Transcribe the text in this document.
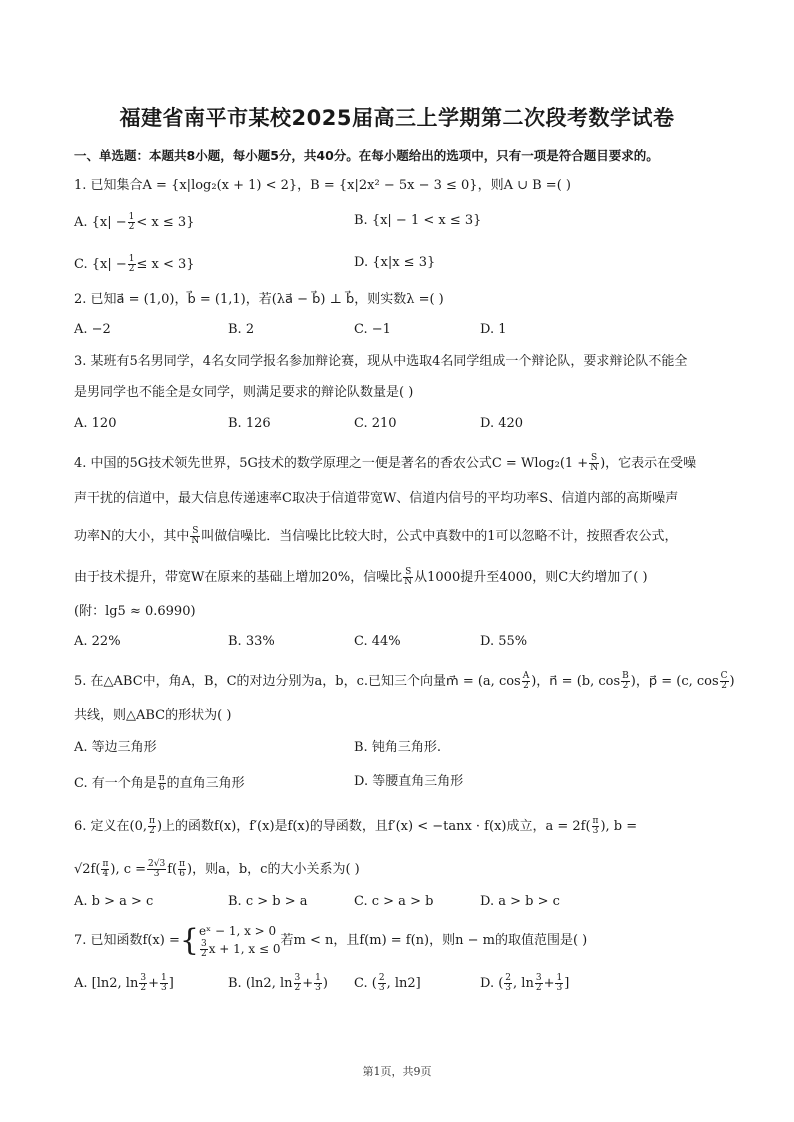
福建省南平市某校2025届高三上学期第二次段考数学试卷
一、单选题：本题共8小题，每小题5分，共40分。在每小题给出的选项中，只有一项是符合题目要求的。
1. 已知集合A = {x|log₂(x + 1) < 2}，B = {x|2x² − 5x − 3 ≤ 0}，则A ∪ B =( )
A. $\{x| - \frac{1}{2} < x \le 3\}$	B. {x| − 1 < x ≤ 3}
C. $\{x| - \frac{1}{2} \le x < 3\}$	D. {x|x ≤ 3}
2. 已知a⃗ = (1,0)，b⃗ = (1,1)，若(λa⃗ − b⃗) ⊥ b⃗，则实数λ =( )
A. −2	B. 2	C. −1	D. 1
3. 某班有5名男同学，4名女同学报名参加辩论赛，现从中选取4名同学组成一个辩论队，要求辩论队不能全
是男同学也不能全是女同学，则满足要求的辩论队数量是( )
A. 120	B. 126	C. 210	D. 420
4. 中国的5G技术领先世界，5G技术的数学原理之一便是著名的香农公式$C = Wlog_2(1 + \frac{S}{N}$ )，它表示在受噪
声干扰的信道中，最大信息传递速率C取决于信道带宽W、信道内信号的平均功率S、信道内部的高斯噪声
功率N的大小，其中 $\frac{S}{N}$ 叫做信噪比．当信噪比比较大时，公式中真数中的1可以忽略不计，按照香农公式，
由于技术提升，带宽W在原来的基础上增加20%，信噪比 $\frac{S}{N}$ 从1000提升至4000，则C大约增加了( )
(附：lg5 ≈ 0.6990)
A. 22%	B. 33%	C. 44%	D. 55%
5. 在△ABC中，角A，B，C的对边分别为a，b，c.已知三个向量m⃗ = (a, $\cos \frac{A}{2}$ )，n⃗ = (b, $\cos \frac{B}{2}$ )，p⃗ = (c, $\cos \frac{C}{2}$ )
共线，则△ABC的形状为( )
A. 等边三角形	B. 钝角三角形.
C. 有一个角是 $\frac{\pi}{6}$ 的直角三角形	D. 等腰直角三角形
6. 定义在(0, $\frac{\pi}{2}$ )上的函数f(x)，f′(x)是f(x)的导函数，且f′(x) < −tanx · f(x)成立，$a = 2f( \frac{\pi}{3}$ ), b =
$√2f( \frac{\pi}{4}$ ), $c = \frac{2√3}{3} f( \frac{\pi}{6}$ )，则a，b，c的大小关系为( )
A. b > a > c	B. c > b > a	C. c > a > b	D. a > b > c
7. 已知函数f(x) ={ eˣ − 1, x > 0
$\frac{3}{2}$ x + 1, x ≤ 0
若m < n，且f(m) = f(n)，则n − m的取值范围是( )
A. [ln2, $\ln \frac{3}{2} + \frac{1}{3}$ ]	B. (ln2, $\ln \frac{3}{2} + \frac{1}{3}$ ) C. ( $\frac{2}{3}$ , ln2]	D. ( $\frac{2}{3}$ , $\ln \frac{3}{2} + \frac{1}{3}$ ]
第1页，共9页
